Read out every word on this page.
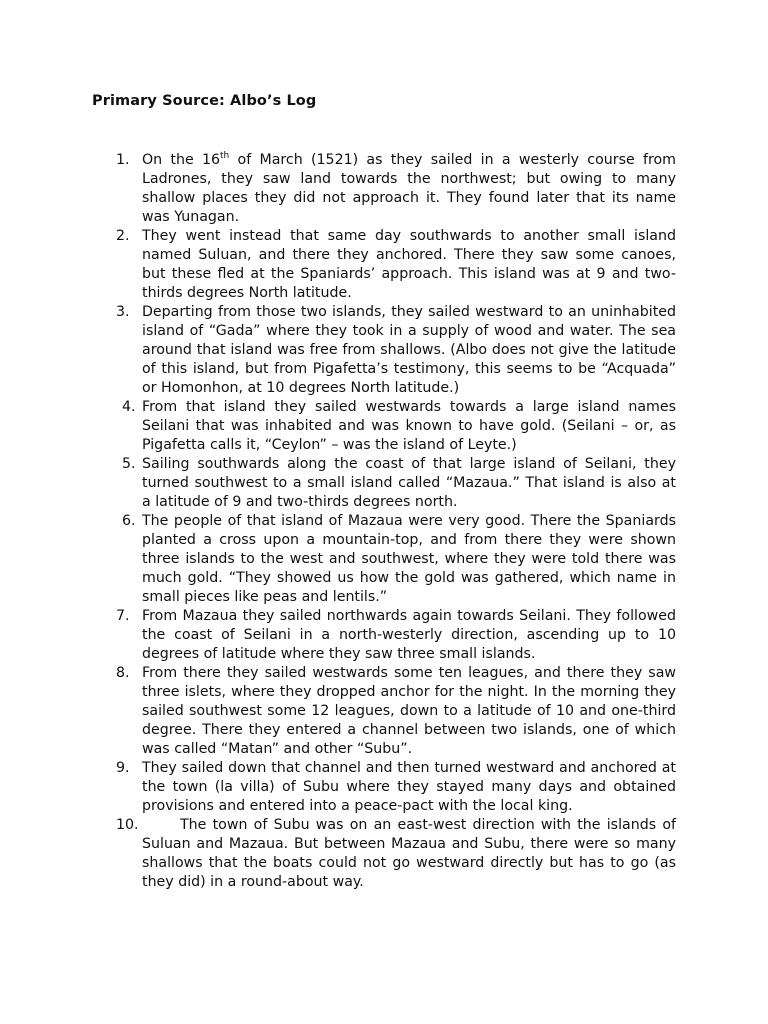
Primary Source: Albo’s Log
1. On the 16th of March (1521) as they sailed in a westerly course from Ladrones, they saw land towards the northwest; but owing to many shallow places they did not approach it. They found later that its name was Yunagan.
2. They went instead that same day southwards to another small island named Suluan, and there they anchored. There they saw some canoes, but these fled at the Spaniards’ approach. This island was at 9 and two-thirds degrees North latitude.
3. Departing from those two islands, they sailed westward to an uninhabited island of “Gada” where they took in a supply of wood and water. The sea around that island was free from shallows. (Albo does not give the latitude of this island, but from Pigafetta’s testimony, this seems to be “Acquada” or Homonhon, at 10 degrees North latitude.)
4. From that island they sailed westwards towards a large island names Seilani that was inhabited and was known to have gold. (Seilani – or, as Pigafetta calls it, “Ceylon” – was the island of Leyte.)
5. Sailing southwards along the coast of that large island of Seilani, they turned southwest to a small island called “Mazaua.” That island is also at a latitude of 9 and two-thirds degrees north.
6. The people of that island of Mazaua were very good. There the Spaniards planted a cross upon a mountain-top, and from there they were shown three islands to the west and southwest, where they were told there was much gold. “They showed us how the gold was gathered, which name in small pieces like peas and lentils.”
7. From Mazaua they sailed northwards again towards Seilani. They followed the coast of Seilani in a north-westerly direction, ascending up to 10 degrees of latitude where they saw three small islands.
8. From there they sailed westwards some ten leagues, and there they saw three islets, where they dropped anchor for the night. In the morning they sailed southwest some 12 leagues, down to a latitude of 10 and one-third degree. There they entered a channel between two islands, one of which was called “Matan” and other “Subu”.
9. They sailed down that channel and then turned westward and anchored at the town (la villa) of Subu where they stayed many days and obtained provisions and entered into a peace-pact with the local king.
10.	The town of Subu was on an east-west direction with the islands of Suluan and Mazaua. But between Mazaua and Subu, there were so many shallows that the boats could not go westward directly but has to go (as they did) in a round-about way.
